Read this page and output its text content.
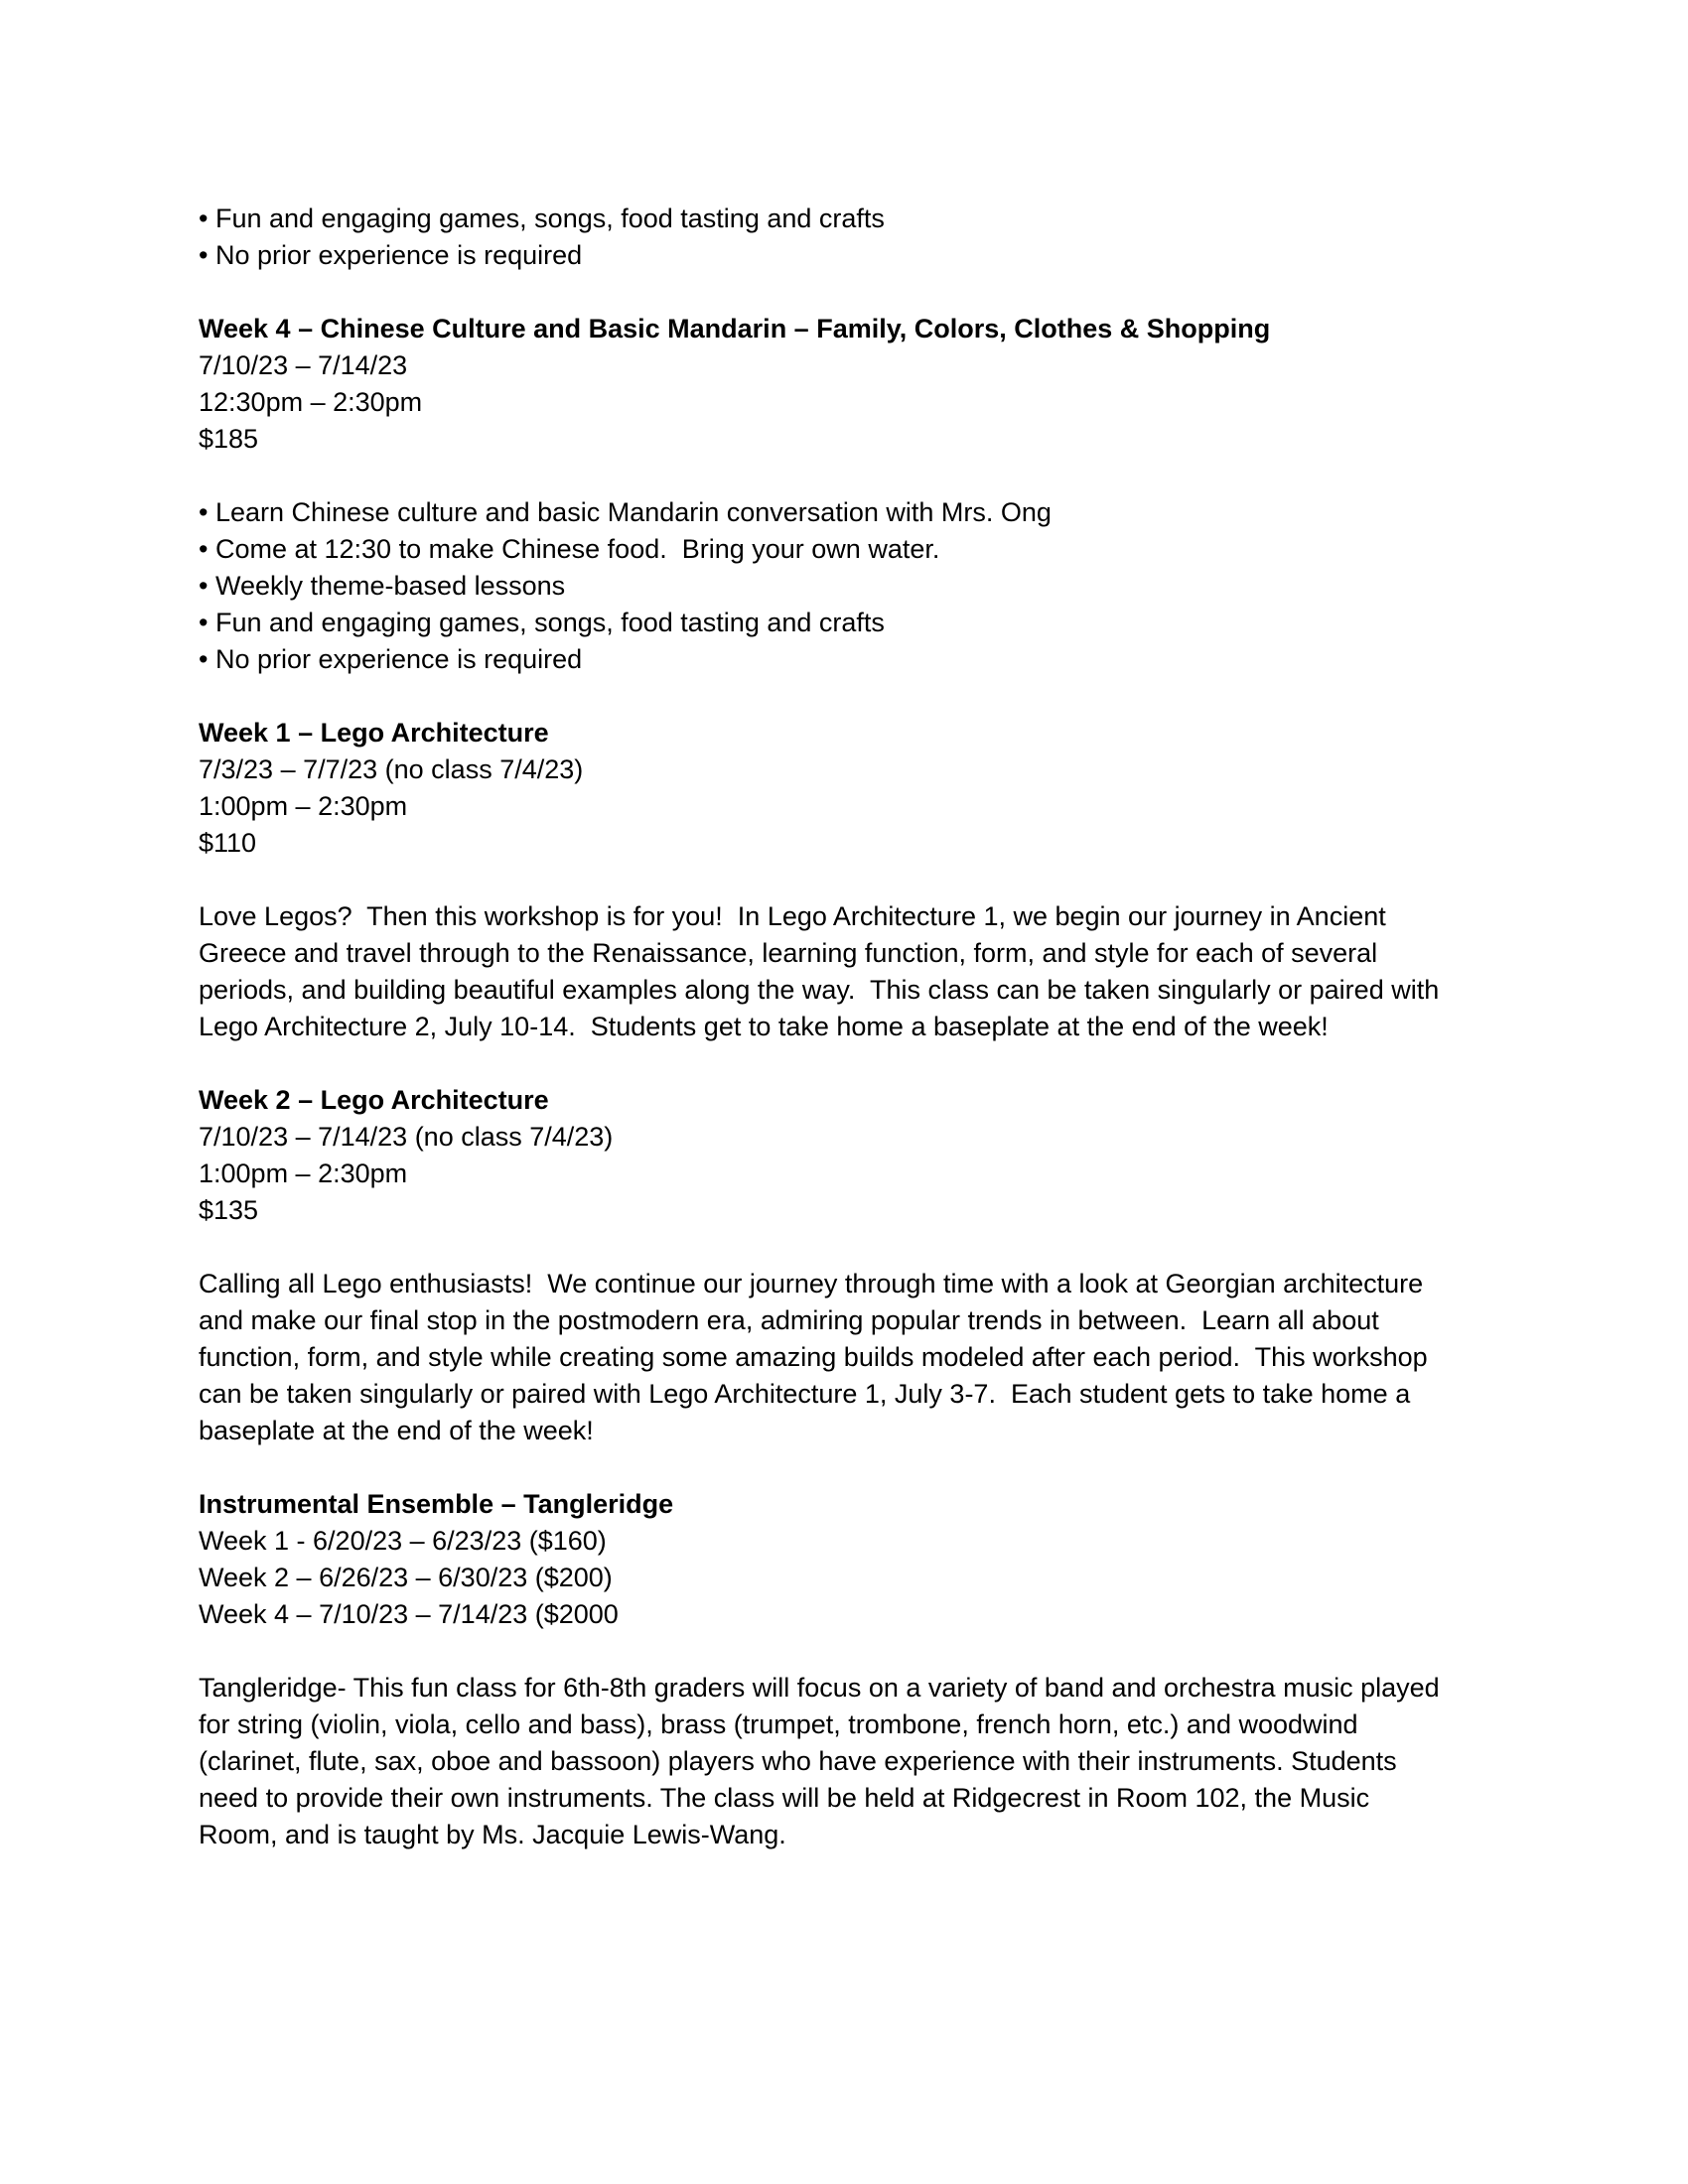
• Fun and engaging games, songs, food tasting and crafts
• No prior experience is required
Week 4 – Chinese Culture and Basic Mandarin – Family, Colors, Clothes & Shopping
7/10/23 – 7/14/23
12:30pm – 2:30pm
$185
• Learn Chinese culture and basic Mandarin conversation with Mrs. Ong
• Come at 12:30 to make Chinese food.  Bring your own water.
• Weekly theme-based lessons
• Fun and engaging games, songs, food tasting and crafts
• No prior experience is required
Week 1 – Lego Architecture
7/3/23 – 7/7/23 (no class 7/4/23)
1:00pm – 2:30pm
$110
Love Legos?  Then this workshop is for you!  In Lego Architecture 1, we begin our journey in Ancient
Greece and travel through to the Renaissance, learning function, form, and style for each of several
periods, and building beautiful examples along the way.  This class can be taken singularly or paired with
Lego Architecture 2, July 10-14.  Students get to take home a baseplate at the end of the week!
Week 2 – Lego Architecture
7/10/23 – 7/14/23 (no class 7/4/23)
1:00pm – 2:30pm
$135
Calling all Lego enthusiasts!  We continue our journey through time with a look at Georgian architecture
and make our final stop in the postmodern era, admiring popular trends in between.  Learn all about
function, form, and style while creating some amazing builds modeled after each period.  This workshop
can be taken singularly or paired with Lego Architecture 1, July 3-7.  Each student gets to take home a
baseplate at the end of the week!
Instrumental Ensemble – Tangleridge
Week 1 - 6/20/23 – 6/23/23 ($160)
Week 2 – 6/26/23 – 6/30/23 ($200)
Week 4 – 7/10/23 – 7/14/23 ($2000
Tangleridge- This fun class for 6th-8th graders will focus on a variety of band and orchestra music played
for string (violin, viola, cello and bass), brass (trumpet, trombone, french horn, etc.) and woodwind
(clarinet, flute, sax, oboe and bassoon) players who have experience with their instruments. Students
need to provide their own instruments. The class will be held at Ridgecrest in Room 102, the Music
Room, and is taught by Ms. Jacquie Lewis-Wang.
